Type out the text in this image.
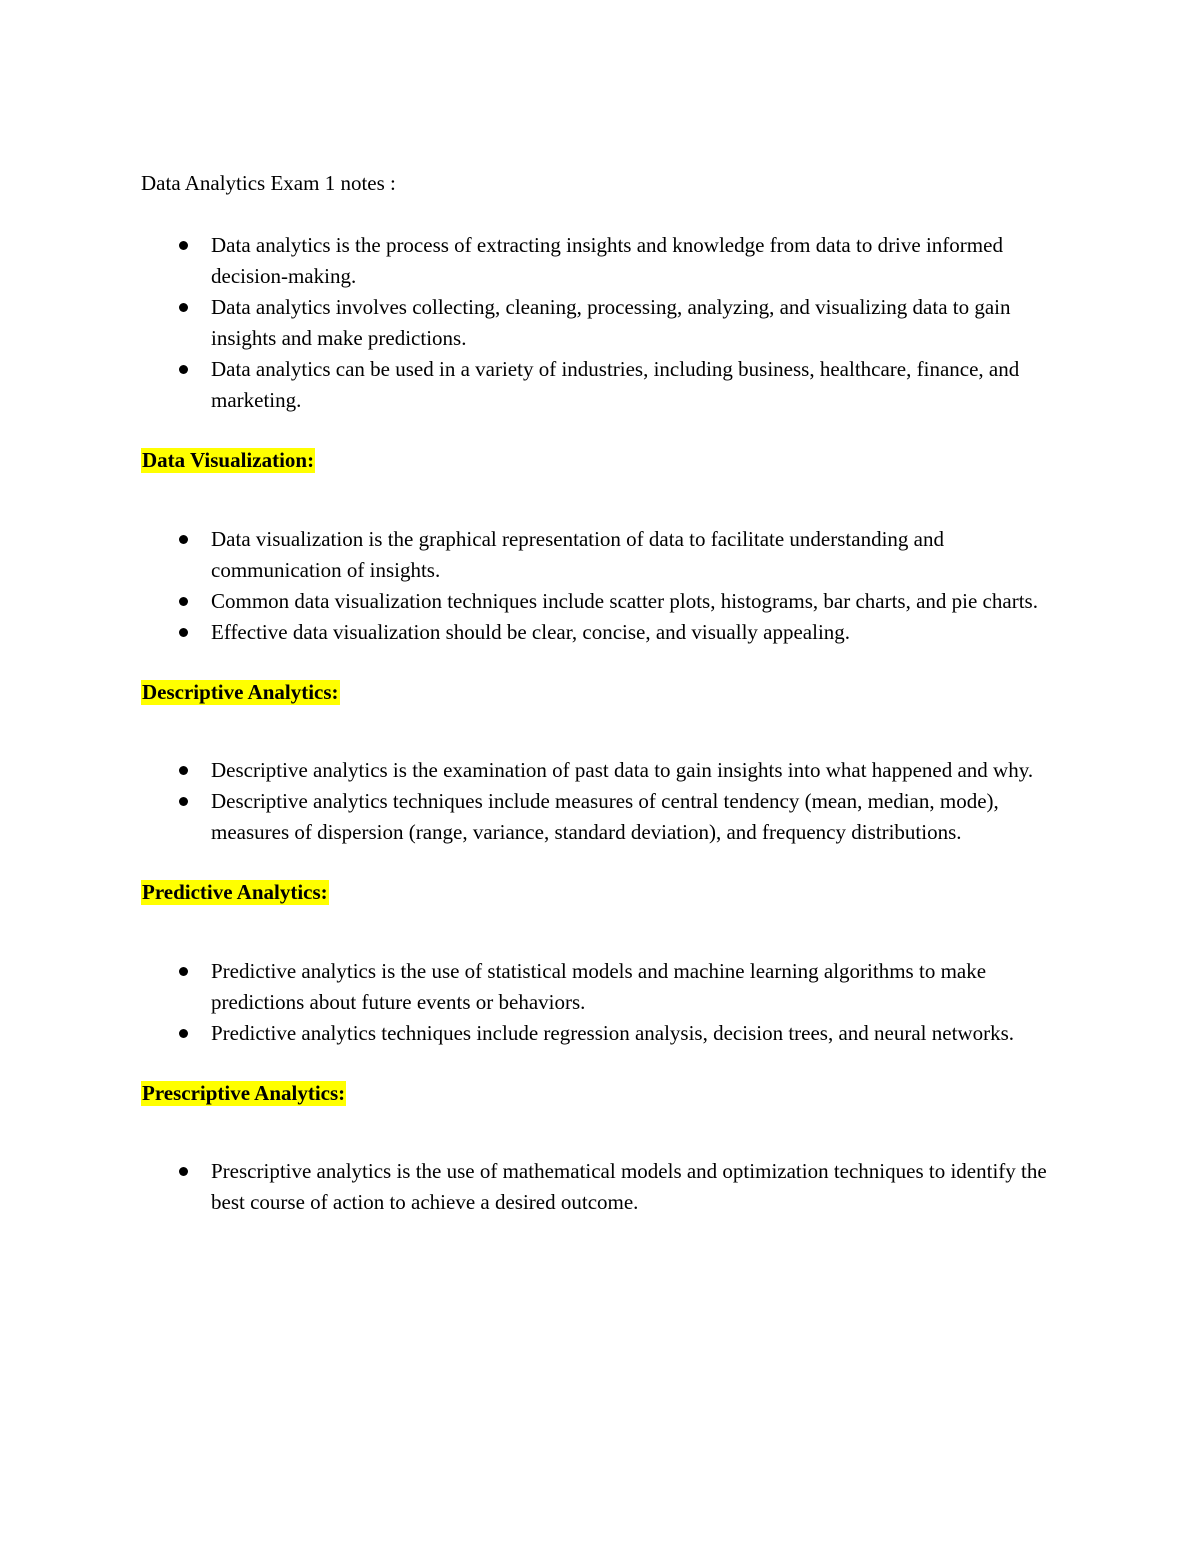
Data Analytics Exam 1 notes :

Data analytics is the process of extracting insights and knowledge from data to drive informed decision-making.
Data analytics involves collecting, cleaning, processing, analyzing, and visualizing data to gain insights and make predictions.
Data analytics can be used in a variety of industries, including business, healthcare, finance, and marketing.
Data Visualization:
Data visualization is the graphical representation of data to facilitate understanding and communication of insights.
Common data visualization techniques include scatter plots, histograms, bar charts, and pie charts.
Effective data visualization should be clear, concise, and visually appealing.
Descriptive Analytics:
Descriptive analytics is the examination of past data to gain insights into what happened and why.
Descriptive analytics techniques include measures of central tendency (mean, median, mode), measures of dispersion (range, variance, standard deviation), and frequency distributions.
Predictive Analytics:
Predictive analytics is the use of statistical models and machine learning algorithms to make predictions about future events or behaviors.
Predictive analytics techniques include regression analysis, decision trees, and neural networks.
Prescriptive Analytics:
Prescriptive analytics is the use of mathematical models and optimization techniques to identify the best course of action to achieve a desired outcome.
